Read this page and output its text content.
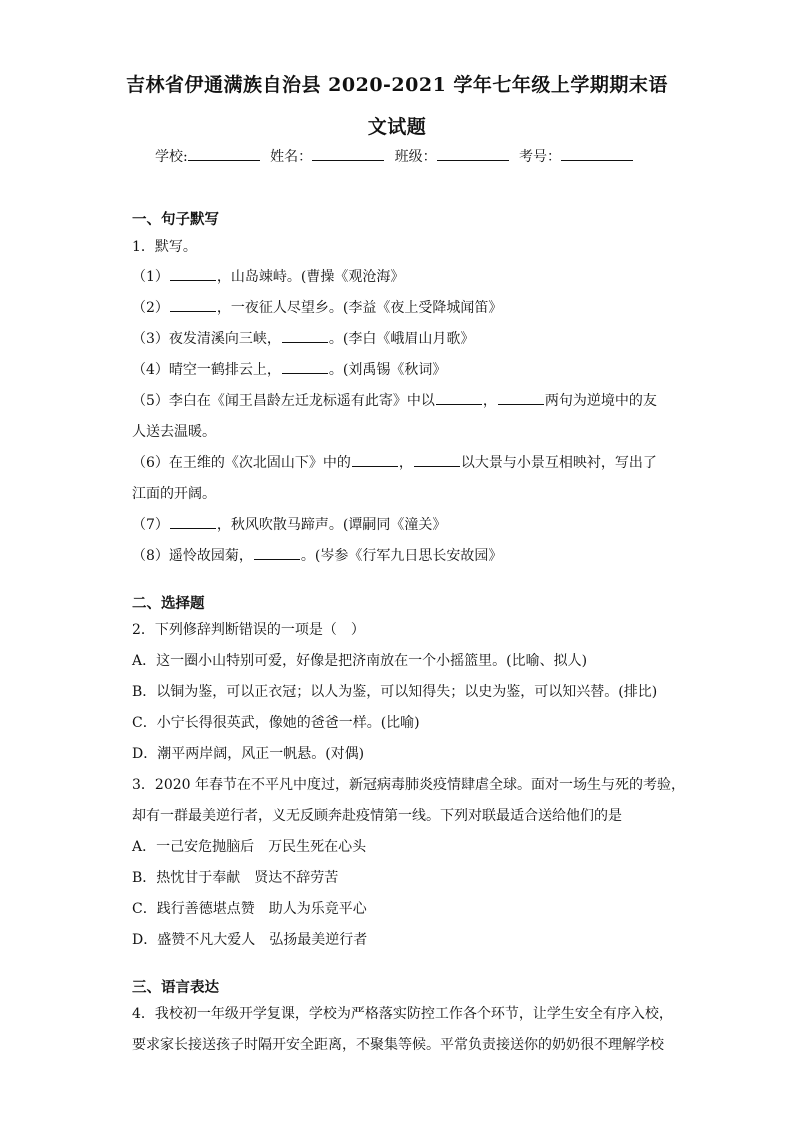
吉林省伊通满族自治县 2020-2021 学年七年级上学期期末语
文试题
学校:	姓名：	班级：	考号：
一、句子默写
1．默写。
（1）	，山岛竦峙。(曹操《观沧海》
（2）	，一夜征人尽望乡。(李益《夜上受降城闻笛》
（3）夜发清溪向三峡，	。(李白《峨眉山月歌》
（4）晴空一鹤排云上，	。(刘禹锡《秋词》
（5）李白在《闻王昌龄左迁龙标遥有此寄》中以	，	两句为逆境中的友
人送去温暖。
（6）在王维的《次北固山下》中的	，	以大景与小景互相映衬，写出了
江面的开阔。
（7）	，秋风吹散马蹄声。(谭嗣同《潼关》
（8）遥怜故园菊，	。(岑参《行军九日思长安故园》
二、选择题
2．下列修辞判断错误的一项是（　）
A．这一圈小山特别可爱，好像是把济南放在一个小摇篮里。(比喻、拟人)
B．以铜为鉴，可以正衣冠；以人为鉴，可以知得失；以史为鉴，可以知兴替。(排比)
C．小宁长得很英武，像她的爸爸一样。(比喻)
D．潮平两岸阔，风正一帆悬。(对偶)
3．2020 年春节在不平凡中度过，新冠病毒肺炎疫情肆虐全球。面对一场生与死的考验，
却有一群最美逆行者，义无反顾奔赴疫情第一线。下列对联最适合送给他们的是
A．一己安危抛脑后　万民生死在心头
B．热忱甘于奉献　贤达不辞劳苦
C．践行善德堪点赞　助人为乐竞平心
D．盛赞不凡大爱人　弘扬最美逆行者
三、语言表达
4．我校初一年级开学复课，学校为严格落实防控工作各个环节，让学生安全有序入校，
要求家长接送孩子时隔开安全距离，不聚集等候。平常负责接送你的奶奶很不理解学校
